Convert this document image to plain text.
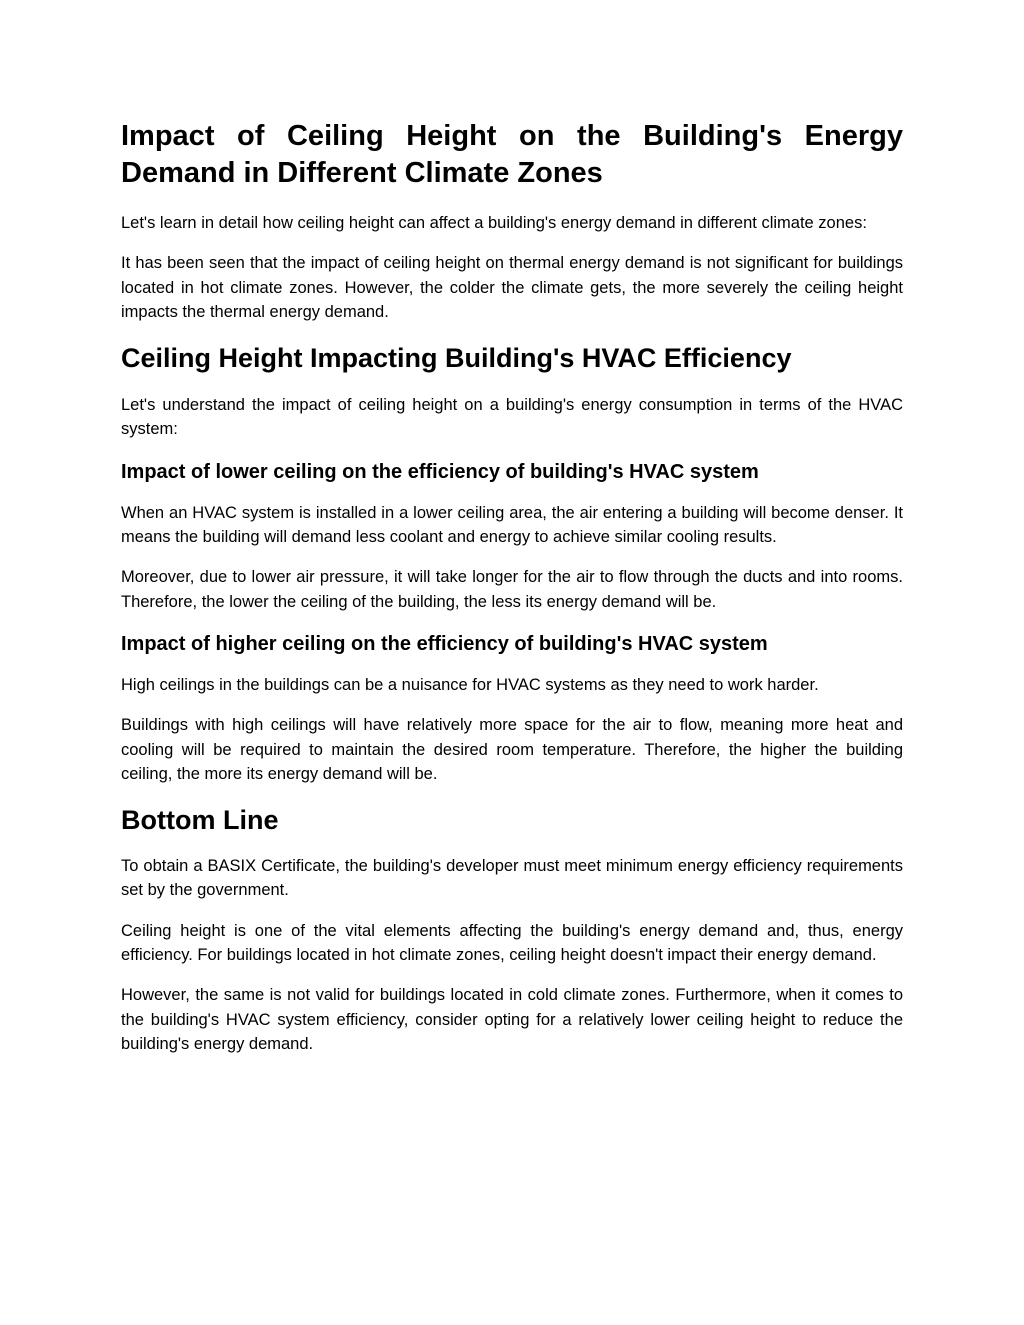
Impact of Ceiling Height on the Building's Energy Demand in Different Climate Zones

Let's learn in detail how ceiling height can affect a building's energy demand in different climate zones:

It has been seen that the impact of ceiling height on thermal energy demand is not significant for buildings located in hot climate zones. However, the colder the climate gets, the more severely the ceiling height impacts the thermal energy demand.

Ceiling Height Impacting Building's HVAC Efficiency

Let's understand the impact of ceiling height on a building's energy consumption in terms of the HVAC system:

Impact of lower ceiling on the efficiency of building's HVAC system

When an HVAC system is installed in a lower ceiling area, the air entering a building will become denser. It means the building will demand less coolant and energy to achieve similar cooling results.

Moreover, due to lower air pressure, it will take longer for the air to flow through the ducts and into rooms. Therefore, the lower the ceiling of the building, the less its energy demand will be.

Impact of higher ceiling on the efficiency of building's HVAC system

High ceilings in the buildings can be a nuisance for HVAC systems as they need to work harder.

Buildings with high ceilings will have relatively more space for the air to flow, meaning more heat and cooling will be required to maintain the desired room temperature. Therefore, the higher the building ceiling, the more its energy demand will be.

Bottom Line

To obtain a BASIX Certificate, the building's developer must meet minimum energy efficiency requirements set by the government.

Ceiling height is one of the vital elements affecting the building's energy demand and, thus, energy efficiency. For buildings located in hot climate zones, ceiling height doesn't impact their energy demand.

However, the same is not valid for buildings located in cold climate zones. Furthermore, when it comes to the building's HVAC system efficiency, consider opting for a relatively lower ceiling height to reduce the building's energy demand.
